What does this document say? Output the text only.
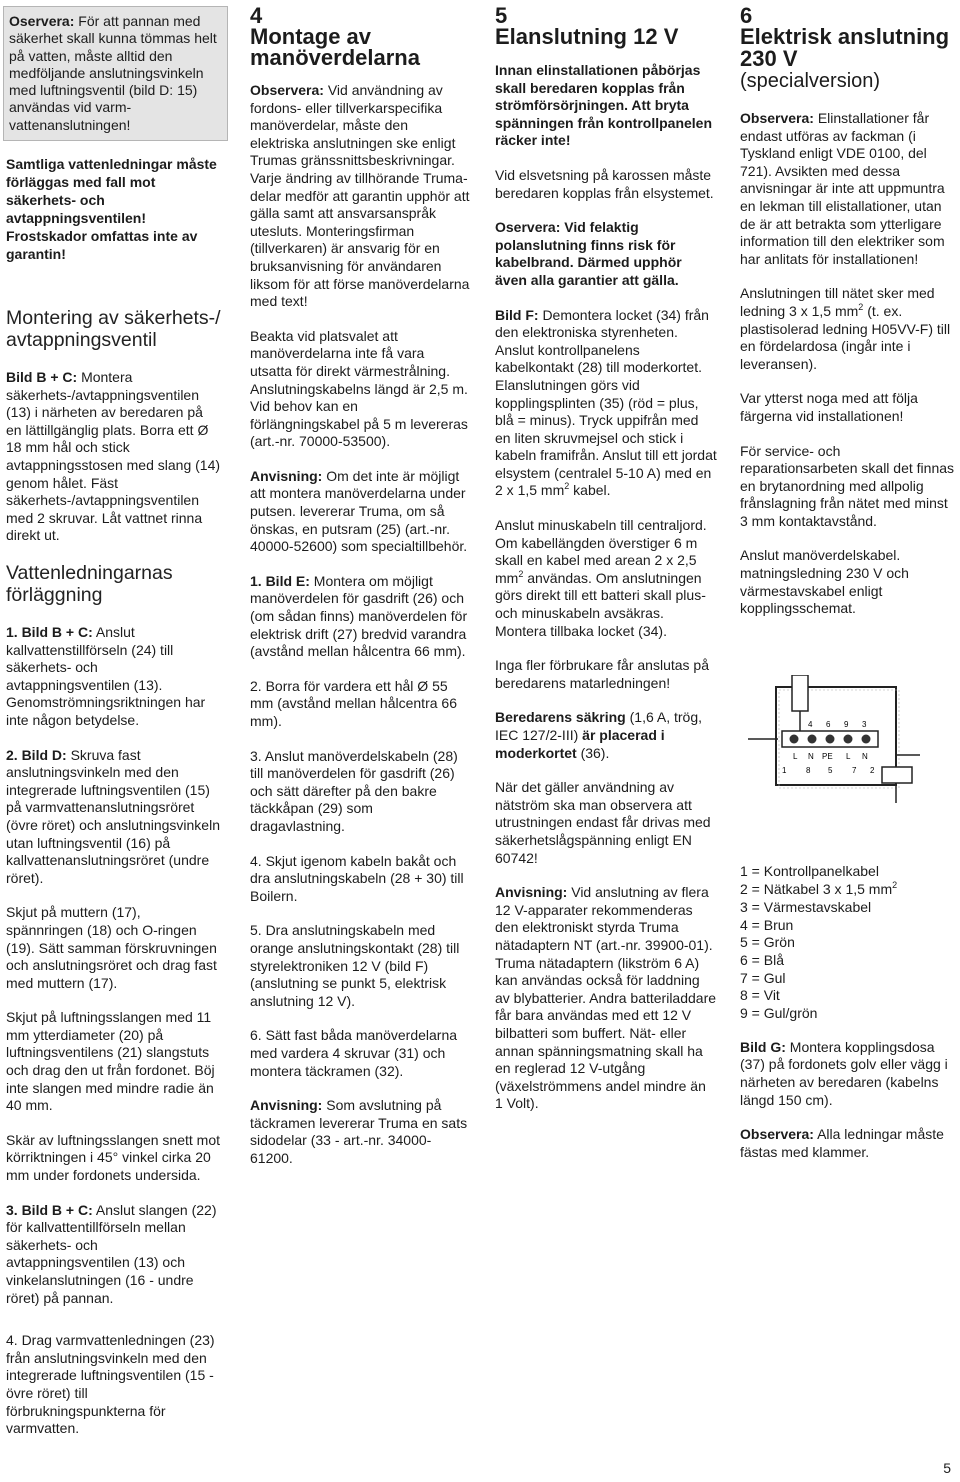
Oservera: För att pannan med säkerhet skall kunna tömmas helt på vatten, måste alltid den medföljande anslutningsvinkeln med luftningsventil (bild D: 15) användas vid varm-vattenanslutningen!
Samtliga vattenledningar måste förläggas med fall mot säkerhets- och avtappningsventilen! Frostskador omfattas inte av garantin!
Montering av säkerhets-/ avtappningsventil

Bild B + C: Montera säkerhets-/avtappningsventilen (13) i närheten av beredaren på en lättillgänglig plats. Borra ett Ø 18 mm hål och stick avtappningsstosen med slang (14) genom hålet. Fäst säkerhets-/avtappningsventilen med 2 skruvar. Låt vattnet rinna direkt ut.

Vattenledningarnas förläggning

1. Bild B + C: Anslut kallvattenstillförseln (24) till säkerhets- och avtappningsventilen (13). Genomströmningsriktningen har inte någon betydelse.

2. Bild D: Skruva fast anslutningsvinkeln med den integrerade luftningsventilen (15) på varmvattenanslutningsröret (övre röret) och anslutningsvinkeln utan luftningsventil (16) på kallvattenanslutningsröret (undre röret).

Skjut på muttern (17), spännringen (18) och O-ringen (19). Sätt samman förskruvningen och anslutningsröret och drag fast med muttern (17).

Skjut på luftningsslangen med 11 mm ytterdiameter (20) på luftningsventilens (21) slangstuts och drag den ut från fordonet. Böj inte slangen med mindre radie än 40 mm.

Skär av luftningsslangen snett mot körriktningen i 45° vinkel cirka 20 mm under fordonets undersida.

3. Bild B + C: Anslut slangen (22) för kallvattentillförseln mellan säkerhets- och avtappningsventilen (13) och vinkelanslutningen (16 - undre röret) på pannan.

4. Drag varmvattenledningen (23) från anslutningsvinkeln med den integrerade luftningsventilen (15 - övre röret) till förbrukningspunkterna för varmvatten.

4
Montage av manöverdelarna

Observera: Vid användning av fordons- eller tillverkarspecifika manöverdelar, måste den elektriska anslutningen ske enligt Trumas gränssnittsbeskrivningar. Varje ändring av tillhörande Truma-delar medför att garantin upphör att gälla samt att ansvarsanspråk utesluts. Monteringsfirman (tillverkaren) är ansvarig för en bruksanvisning för användaren liksom för att förse manöverdelarna med text!

Beakta vid platsvalet att manöverdelarna inte få vara utsatta för direkt värmestrålning. Anslutningskabelns längd är 2,5 m. Vid behov kan en förlängningskabel på 5 m levereras (art.-nr. 70000-53500).

Anvisning: Om det inte är möjligt att montera manöverdelarna under putsen. levererar Truma, om så önskas, en putsram (25) (art.-nr. 40000-52600) som specialtillbehör.

1. Bild E: Montera om möjligt manöverdelen för gasdrift (26) och (om sådan finns) manöverdelen för elektrisk drift (27) bredvid varandra (avstånd mellan hålcentra 66 mm).

2. Borra för vardera ett hål Ø 55 mm (avstånd mellan hålcentra 66 mm).

3. Anslut manöverdelskabeln (28) till manöverdelen för gasdrift (26) och sätt därefter på den bakre täckkåpan (29) som dragavlastning.

4. Skjut igenom kabeln bakåt och dra anslutningskabeln (28 + 30) till Boilern.

5. Dra anslutningskabeln med orange anslutningskontakt (28) till styrelektroniken 12 V (bild F) (anslutning se punkt 5, elektrisk anslutning 12 V).

6. Sätt fast båda manöverdelarna med vardera 4 skruvar (31) och montera täckramen (32).

Anvisning: Som avslutning på täckramen levererar Truma en sats sidodelar (33 - art.-nr. 34000-61200.

5
Elanslutning 12 V

Innan elinstallationen påbörjas skall beredaren kopplas från strömförsörjningen. Att bryta spänningen från kontrollpanelen räcker inte!

Vid elsvetsning på karossen måste beredaren kopplas från elsystemet.

Oservera: Vid felaktig polanslutning finns risk för kabelbrand. Därmed upphör även alla garantier att gälla.

Bild F: Demontera locket (34) från den elektroniska styrenheten. Anslut kontrollpanelens kabelkontakt (28) till moderkortet. Elanslutningen görs vid kopplingsplinten (35) (röd = plus, blå = minus). Tryck uppifrån med en liten skruvmejsel och stick i kabeln framifrån. Anslut till ett jordat elsystem (centralel 5-10 A) med en 2 x 1,5 $mm^2$ kabel.

Anslut minuskabeln till centraljord. Om kabellängden överstiger 6 m skall en kabel med arean 2 x 2,5 $mm^2$ användas. Om anslutningen görs direkt till ett batteri skall plus- och minuskabeln avsäkras. Montera tillbaka locket (34).

Inga fler förbrukare får anslutas på beredarens matarledningen!

Beredarens säkring (1,6 A, trög, IEC 127/2-III) är placerad i moderkortet (36).

När det gäller användning av nätström ska man observera att utrustningen endast får drivas med säkerhetslågspänning enligt EN 60742!

Anvisning: Vid anslutning av flera 12 V-apparater rekommenderas den elektroniskt styrda Truma nätadaptern NT (art.-nr. 39900-01). Truma nätadaptern (likström 6 A) kan användas också för laddning av blybatterier. Andra batteriladdare får bara användas med ett 12 V bilbatteri som buffert. Nät- eller annan spänningsmatning skall ha en reglerad 12 V-utgång (växelströmmens andel mindre än 1 Volt).

6
Elektrisk anslutning 230 V
(specialversion)

Observera: Elinstallationer får endast utföras av fackman (i Tyskland enligt VDE 0100, del 721). Avsikten med dessa anvisningar är inte att uppmuntra en lekman till elistallationer, utan de är att betrakta som ytterligare information till den elektriker som har anlitats för installationen!

Anslutningen till nätet sker med ledning 3 x 1,5 $mm^2$ (t. ex. plastisolerad ledning H05VV-F) till en fördelardosa (ingår inte i leveransen).

Var ytterst noga med att följa färgerna vid installationen!

För service- och reparationsarbeten skall det finnas en brytanordning med allpolig frånslagning från nätet med minst 3 mm kontaktavstånd.

Anslut manöverdelskabel. matningsledning 230 V och värmestavskabel enligt kopplingsschemat.

L N PE L N
4 6 9 3
1 8 5 7 2
1 = Kontrollpanelkabel
2 = Nätkabel 3 x 1,5 $mm^2$
3 = Värmestavskabel
4 = Brun
5 = Grön
6 = Blå
7 = Gul
8 = Vit
9 = Gul/grön

Bild G: Montera kopplingsdosa (37) på fordonets golv eller vägg i närheten av beredaren (kabelns längd 150 cm).

Observera: Alla ledningar måste fästas med klammer.

5
